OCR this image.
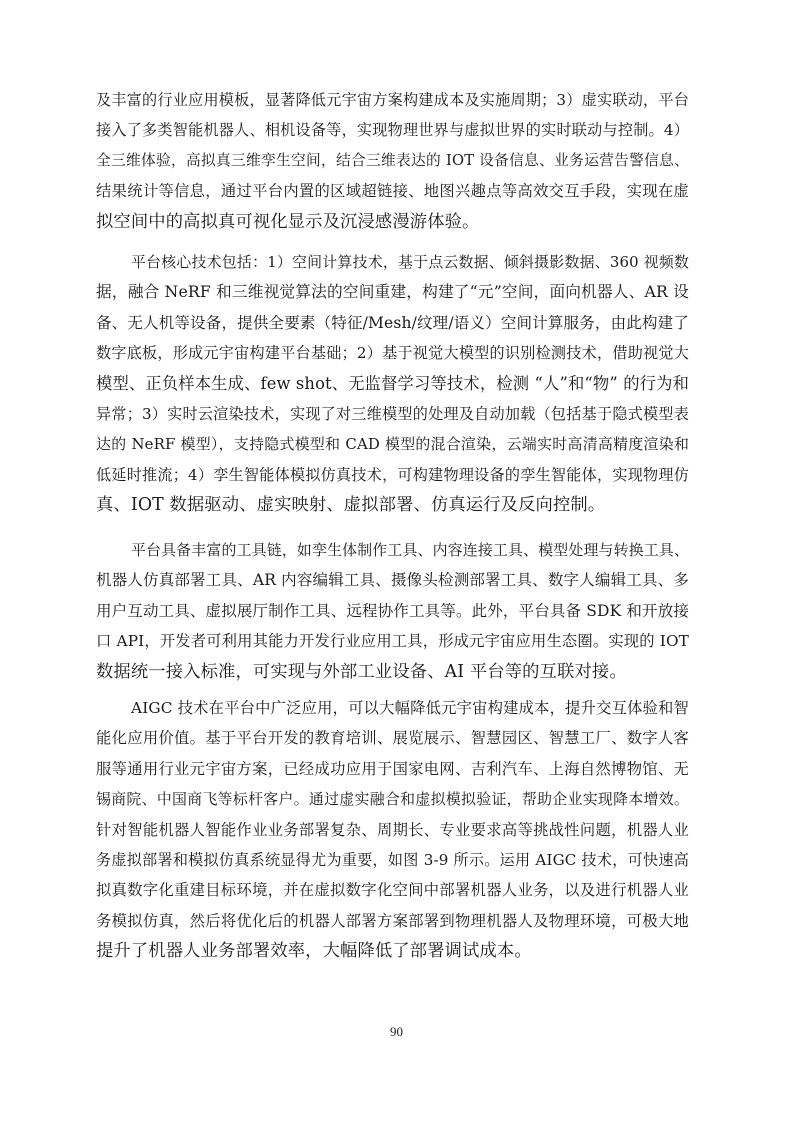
及丰富的行业应用模板，显著降低元宇宙方案构建成本及实施周期；3）虚实联动，平台
接入了多类智能机器人、相机设备等，实现物理世界与虚拟世界的实时联动与控制。4）
全三维体验，高拟真三维孪生空间，结合三维表达的 IOT 设备信息、业务运营告警信息、
结果统计等信息，通过平台内置的区域超链接、地图兴趣点等高效交互手段，实现在虚
拟空间中的高拟真可视化显示及沉浸感漫游体验。
平台核心技术包括：1）空间计算技术，基于点云数据、倾斜摄影数据、360 视频数
据，融合 NeRF 和三维视觉算法的空间重建，构建了“元”空间，面向机器人、AR 设
备、无人机等设备，提供全要素（特征/Mesh/纹理/语义）空间计算服务，由此构建了
数字底板，形成元宇宙构建平台基础；2）基于视觉大模型的识别检测技术，借助视觉大
模型、正负样本生成、few shot、无监督学习等技术，检测 “人”和“物” 的行为和
异常；3）实时云渲染技术，实现了对三维模型的处理及自动加载（包括基于隐式模型表
达的 NeRF 模型），支持隐式模型和 CAD 模型的混合渲染，云端实时高清高精度渲染和
低延时推流；4）孪生智能体模拟仿真技术，可构建物理设备的孪生智能体，实现物理仿
真、IOT 数据驱动、虚实映射、虚拟部署、仿真运行及反向控制。
平台具备丰富的工具链，如孪生体制作工具、内容连接工具、模型处理与转换工具、
机器人仿真部署工具、AR 内容编辑工具、摄像头检测部署工具、数字人编辑工具、多
用户互动工具、虚拟展厅制作工具、远程协作工具等。此外，平台具备 SDK 和开放接
口 API，开发者可利用其能力开发行业应用工具，形成元宇宙应用生态圈。实现的 IOT
数据统一接入标准，可实现与外部工业设备、AI 平台等的互联对接。
AIGC 技术在平台中广泛应用，可以大幅降低元宇宙构建成本，提升交互体验和智
能化应用价值。基于平台开发的教育培训、展览展示、智慧园区、智慧工厂、数字人客
服等通用行业元宇宙方案，已经成功应用于国家电网、吉利汽车、上海自然博物馆、无
锡商院、中国商飞等标杆客户。通过虚实融合和虚拟模拟验证，帮助企业实现降本增效。
针对智能机器人智能作业业务部署复杂、周期长、专业要求高等挑战性问题，机器人业
务虚拟部署和模拟仿真系统显得尤为重要，如图 3-9 所示。运用 AIGC 技术，可快速高
拟真数字化重建目标环境，并在虚拟数字化空间中部署机器人业务，以及进行机器人业
务模拟仿真，然后将优化后的机器人部署方案部署到物理机器人及物理环境，可极大地
提升了机器人业务部署效率，大幅降低了部署调试成本。
90
